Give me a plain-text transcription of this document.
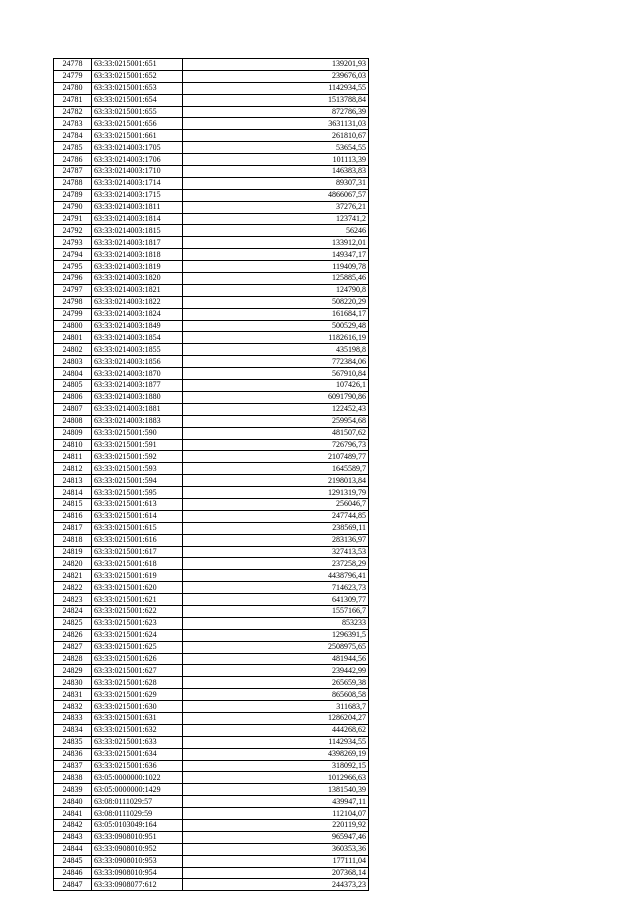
24778	63:33:0215001:651	139201,93
24779	63:33:0215001:652	239676,03
24780	63:33:0215001:653	1142934,55
24781	63:33:0215001:654	1513788,84
24782	63:33:0215001:655	872786,39
24783	63:33:0215001:656	3631131,03
24784	63:33:0215001:661	261810,67
24785	63:33:0214003:1705	53654,55
24786	63:33:0214003:1706	101113,39
24787	63:33:0214003:1710	146383,83
24788	63:33:0214003:1714	89307,31
24789	63:33:0214003:1715	4866067,57
24790	63:33:0214003:1811	37276,21
24791	63:33:0214003:1814	123741,2
24792	63:33:0214003:1815	56246
24793	63:33:0214003:1817	133912,01
24794	63:33:0214003:1818	149347,17
24795	63:33:0214003:1819	119409,78
24796	63:33:0214003:1820	125885,46
24797	63:33:0214003:1821	124790,8
24798	63:33:0214003:1822	508220,29
24799	63:33:0214003:1824	161684,17
24800	63:33:0214003:1849	500529,48
24801	63:33:0214003:1854	1182616,19
24802	63:33:0214003:1855	435198,8
24803	63:33:0214003:1856	772384,06
24804	63:33:0214003:1870	567910,84
24805	63:33:0214003:1877	107426,1
24806	63:33:0214003:1880	6091790,86
24807	63:33:0214003:1881	122452,43
24808	63:33:0214003:1883	259954,68
24809	63:33:0215001:590	481507,62
24810	63:33:0215001:591	726796,73
24811	63:33:0215001:592	2107489,77
24812	63:33:0215001:593	1645589,7
24813	63:33:0215001:594	2198013,84
24814	63:33:0215001:595	1291319,79
24815	63:33:0215001:613	256046,7
24816	63:33:0215001:614	247744,85
24817	63:33:0215001:615	238569,11
24818	63:33:0215001:616	283136,97
24819	63:33:0215001:617	327413,53
24820	63:33:0215001:618	237258,29
24821	63:33:0215001:619	4438796,41
24822	63:33:0215001:620	714623,73
24823	63:33:0215001:621	641309,77
24824	63:33:0215001:622	1557166,7
24825	63:33:0215001:623	853233
24826	63:33:0215001:624	1296391,5
24827	63:33:0215001:625	2508975,65
24828	63:33:0215001:626	481944,56
24829	63:33:0215001:627	239442,99
24830	63:33:0215001:628	265659,38
24831	63:33:0215001:629	865608,58
24832	63:33:0215001:630	311683,7
24833	63:33:0215001:631	1286204,27
24834	63:33:0215001:632	444268,62
24835	63:33:0215001:633	1142934,55
24836	63:33:0215001:634	4398269,19
24837	63:33:0215001:636	318092,15
24838	63:05:0000000:1022	1012966,63
24839	63:05:0000000:1429	1381540,39
24840	63:08:0111029:57	439947,11
24841	63:08:0111029:59	112104,07
24842	63:05:0103049:164	220119,92
24843	63:33:0908010:951	965947,46
24844	63:33:0908010:952	360353,36
24845	63:33:0908010:953	177111,04
24846	63:33:0908010:954	207368,14
24847	63:33:0908077:612	244373,23
